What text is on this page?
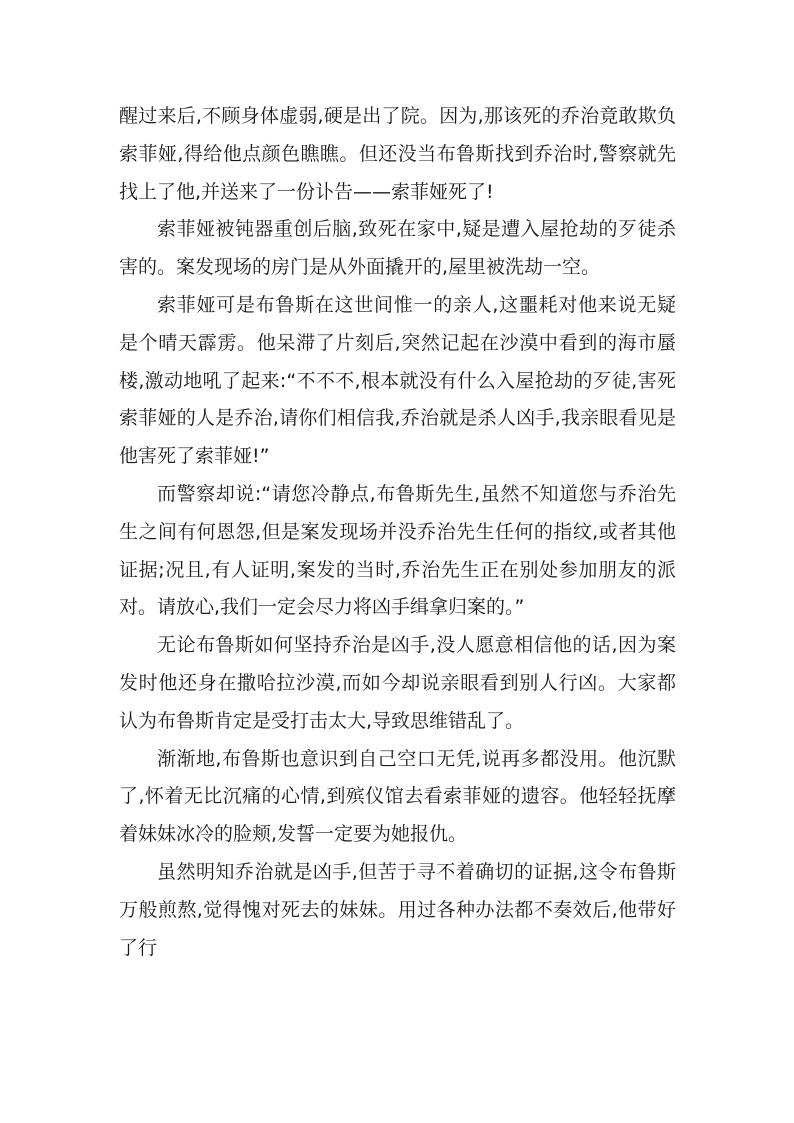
醒过来后,不顾身体虚弱,硬是出了院。因为,那该死的乔治竟敢欺负索菲娅,得给他点颜色瞧瞧。但还没当布鲁斯找到乔治时,警察就先找上了他,并送来了一份讣告——索菲娅死了!

索菲娅被钝器重创后脑,致死在家中,疑是遭入屋抢劫的歹徒杀害的。案发现场的房门是从外面撬开的,屋里被洗劫一空。

索菲娅可是布鲁斯在这世间惟一的亲人,这噩耗对他来说无疑是个晴天霹雳。他呆滞了片刻后,突然记起在沙漠中看到的海市蜃楼,激动地吼了起来:“不不不,根本就没有什么入屋抢劫的歹徒,害死索菲娅的人是乔治,请你们相信我,乔治就是杀人凶手,我亲眼看见是他害死了索菲娅!”

而警察却说:“请您冷静点,布鲁斯先生,虽然不知道您与乔治先生之间有何恩怨,但是案发现场并没乔治先生任何的指纹,或者其他证据;况且,有人证明,案发的当时,乔治先生正在别处参加朋友的派对。请放心,我们一定会尽力将凶手缉拿归案的。”

无论布鲁斯如何坚持乔治是凶手,没人愿意相信他的话,因为案发时他还身在撒哈拉沙漠,而如今却说亲眼看到别人行凶。大家都认为布鲁斯肯定是受打击太大,导致思维错乱了。

渐渐地,布鲁斯也意识到自己空口无凭,说再多都没用。他沉默了,怀着无比沉痛的心情,到殡仪馆去看索菲娅的遗容。他轻轻抚摩着妹妹冰冷的脸颊,发誓一定要为她报仇。

虽然明知乔治就是凶手,但苦于寻不着确切的证据,这令布鲁斯万般煎熬,觉得愧对死去的妹妹。用过各种办法都不奏效后,他带好了行
